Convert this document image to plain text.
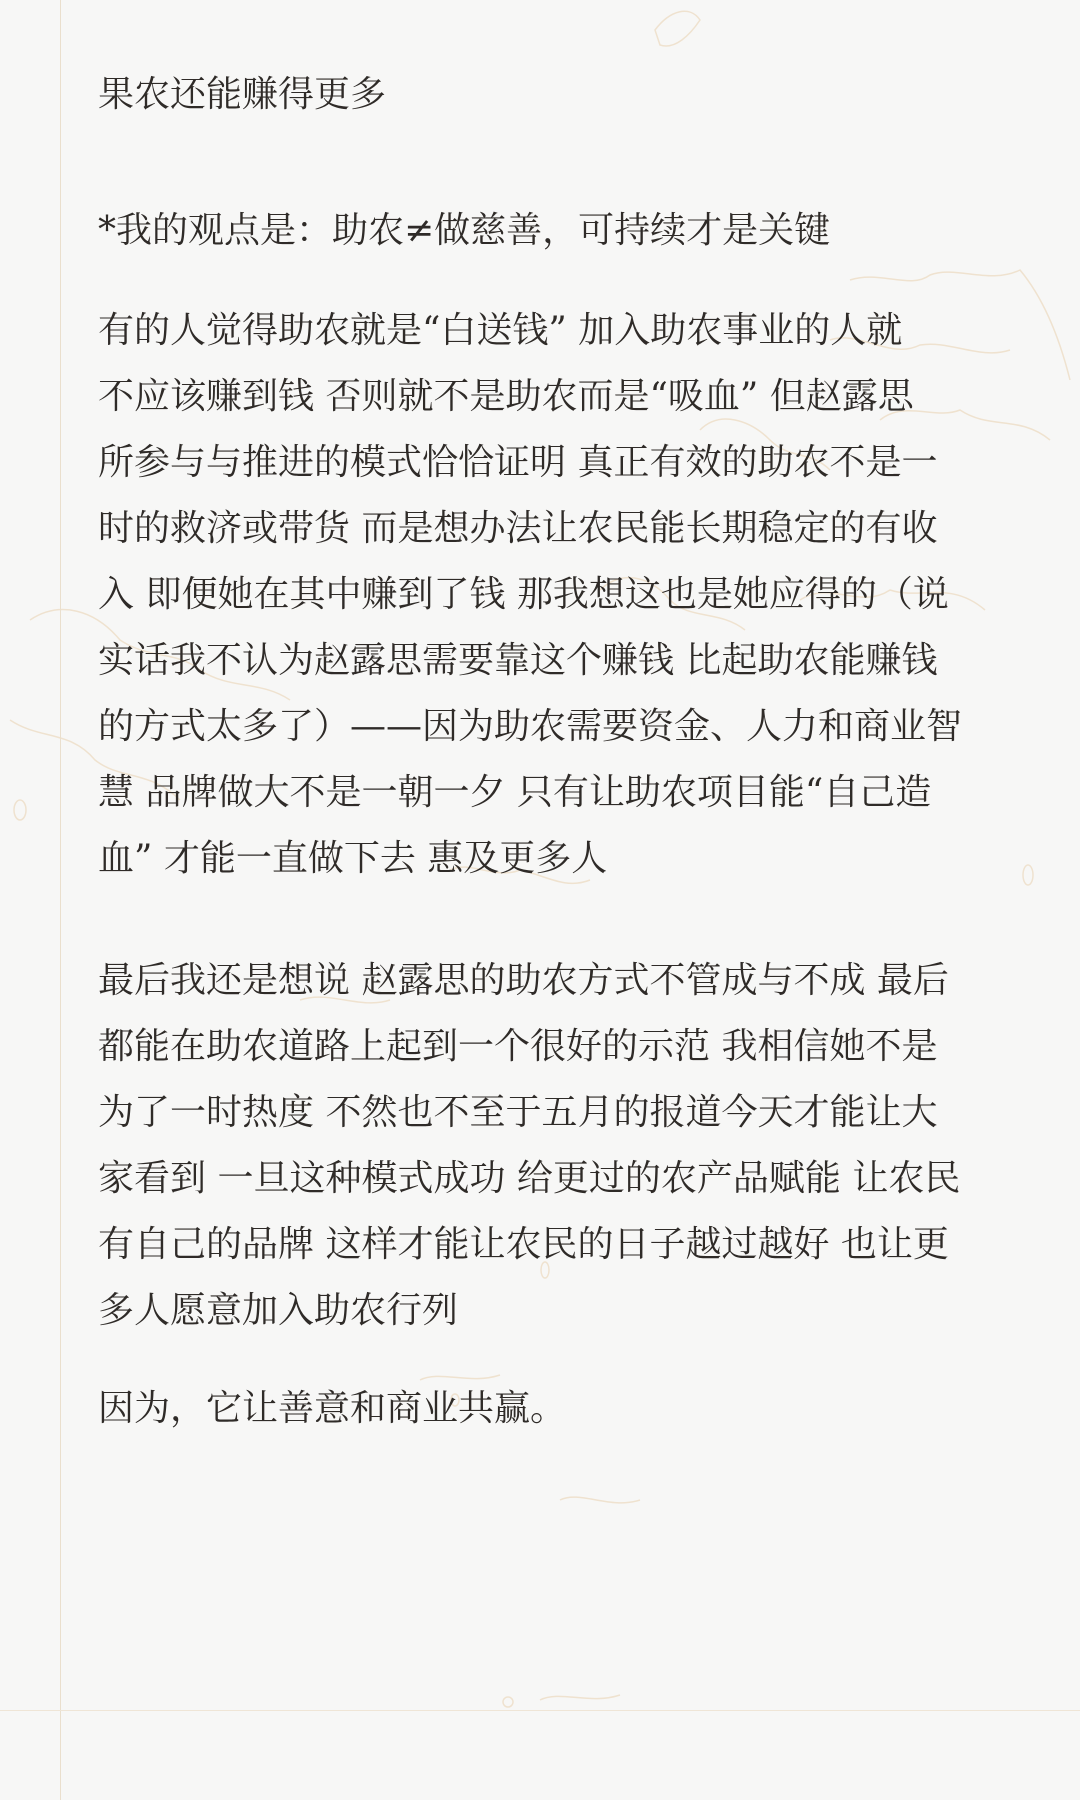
果农还能赚得更多

*我的观点是：助农≠做慈善，可持续才是关键

有的人觉得助农就是“白送钱” 加入助农事业的人就

不应该赚到钱 否则就不是助农而是“吸血” 但赵露思

所参与与推进的模式恰恰证明 真正有效的助农不是一

时的救济或带货 而是想办法让农民能长期稳定的有收

入 即便她在其中赚到了钱 那我想这也是她应得的（说

实话我不认为赵露思需要靠这个赚钱 比起助农能赚钱

的方式太多了）——因为助农需要资金、人力和商业智

慧 品牌做大不是一朝一夕 只有让助农项目能“自己造

血” 才能一直做下去 惠及更多人

最后我还是想说 赵露思的助农方式不管成与不成 最后

都能在助农道路上起到一个很好的示范 我相信她不是

为了一时热度 不然也不至于五月的报道今天才能让大

家看到 一旦这种模式成功 给更过的农产品赋能 让农民

有自己的品牌 这样才能让农民的日子越过越好 也让更

多人愿意加入助农行列

因为，它让善意和商业共赢。
